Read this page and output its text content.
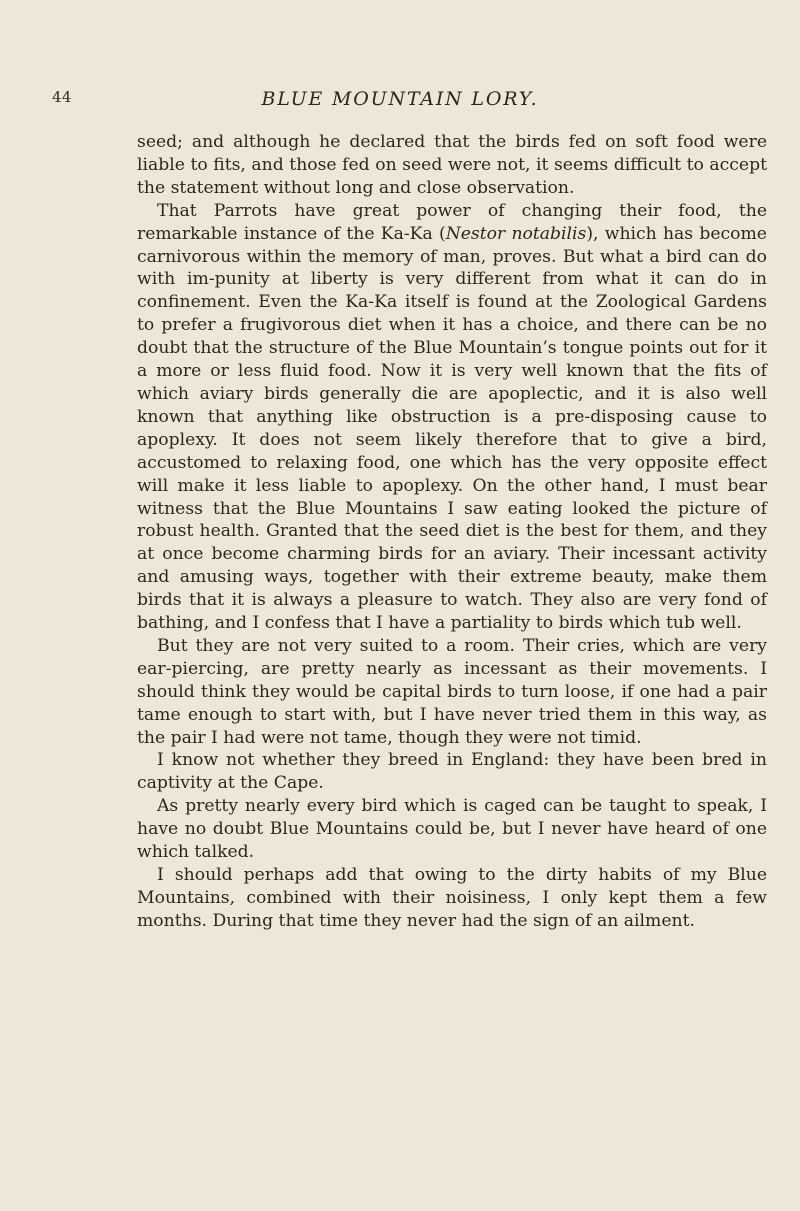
44	BLUE MOUNTAIN LORY.

seed; and although he declared that the birds fed on soft food were liable to fits, and those fed on seed were not, it seems difficult to accept the statement without long and close observation.

That Parrots have great power of changing their food, the remarkable instance of the Ka-Ka (Nestor notabilis), which has become carnivorous within the memory of man, proves. But what a bird can do with im-punity at liberty is very different from what it can do in confinement. Even the Ka-Ka itself is found at the Zoological Gardens to prefer a frugivorous diet when it has a choice, and there can be no doubt that the structure of the Blue Mountain’s tongue points out for it a more or less fluid food. Now it is very well known that the fits of which aviary birds generally die are apoplectic, and it is also well known that anything like obstruction is a pre-disposing cause to apoplexy. It does not seem likely therefore that to give a bird, accustomed to relaxing food, one which has the very opposite effect will make it less liable to apoplexy. On the other hand, I must bear witness that the Blue Mountains I saw eating looked the picture of robust health. Granted that the seed diet is the best for them, and they at once become charming birds for an aviary. Their incessant activity and amusing ways, together with their extreme beauty, make them birds that it is always a pleasure to watch. They also are very fond of bathing, and I confess that I have a partiality to birds which tub well.

But they are not very suited to a room. Their cries, which are very ear-piercing, are pretty nearly as incessant as their movements. I should think they would be capital birds to turn loose, if one had a pair tame enough to start with, but I have never tried them in this way, as the pair I had were not tame, though they were not timid.

I know not whether they breed in England: they have been bred in captivity at the Cape.

As pretty nearly every bird which is caged can be taught to speak, I have no doubt Blue Mountains could be, but I never have heard of one which talked.

I should perhaps add that owing to the dirty habits of my Blue Mountains, combined with their noisiness, I only kept them a few months. During that time they never had the sign of an ailment.
